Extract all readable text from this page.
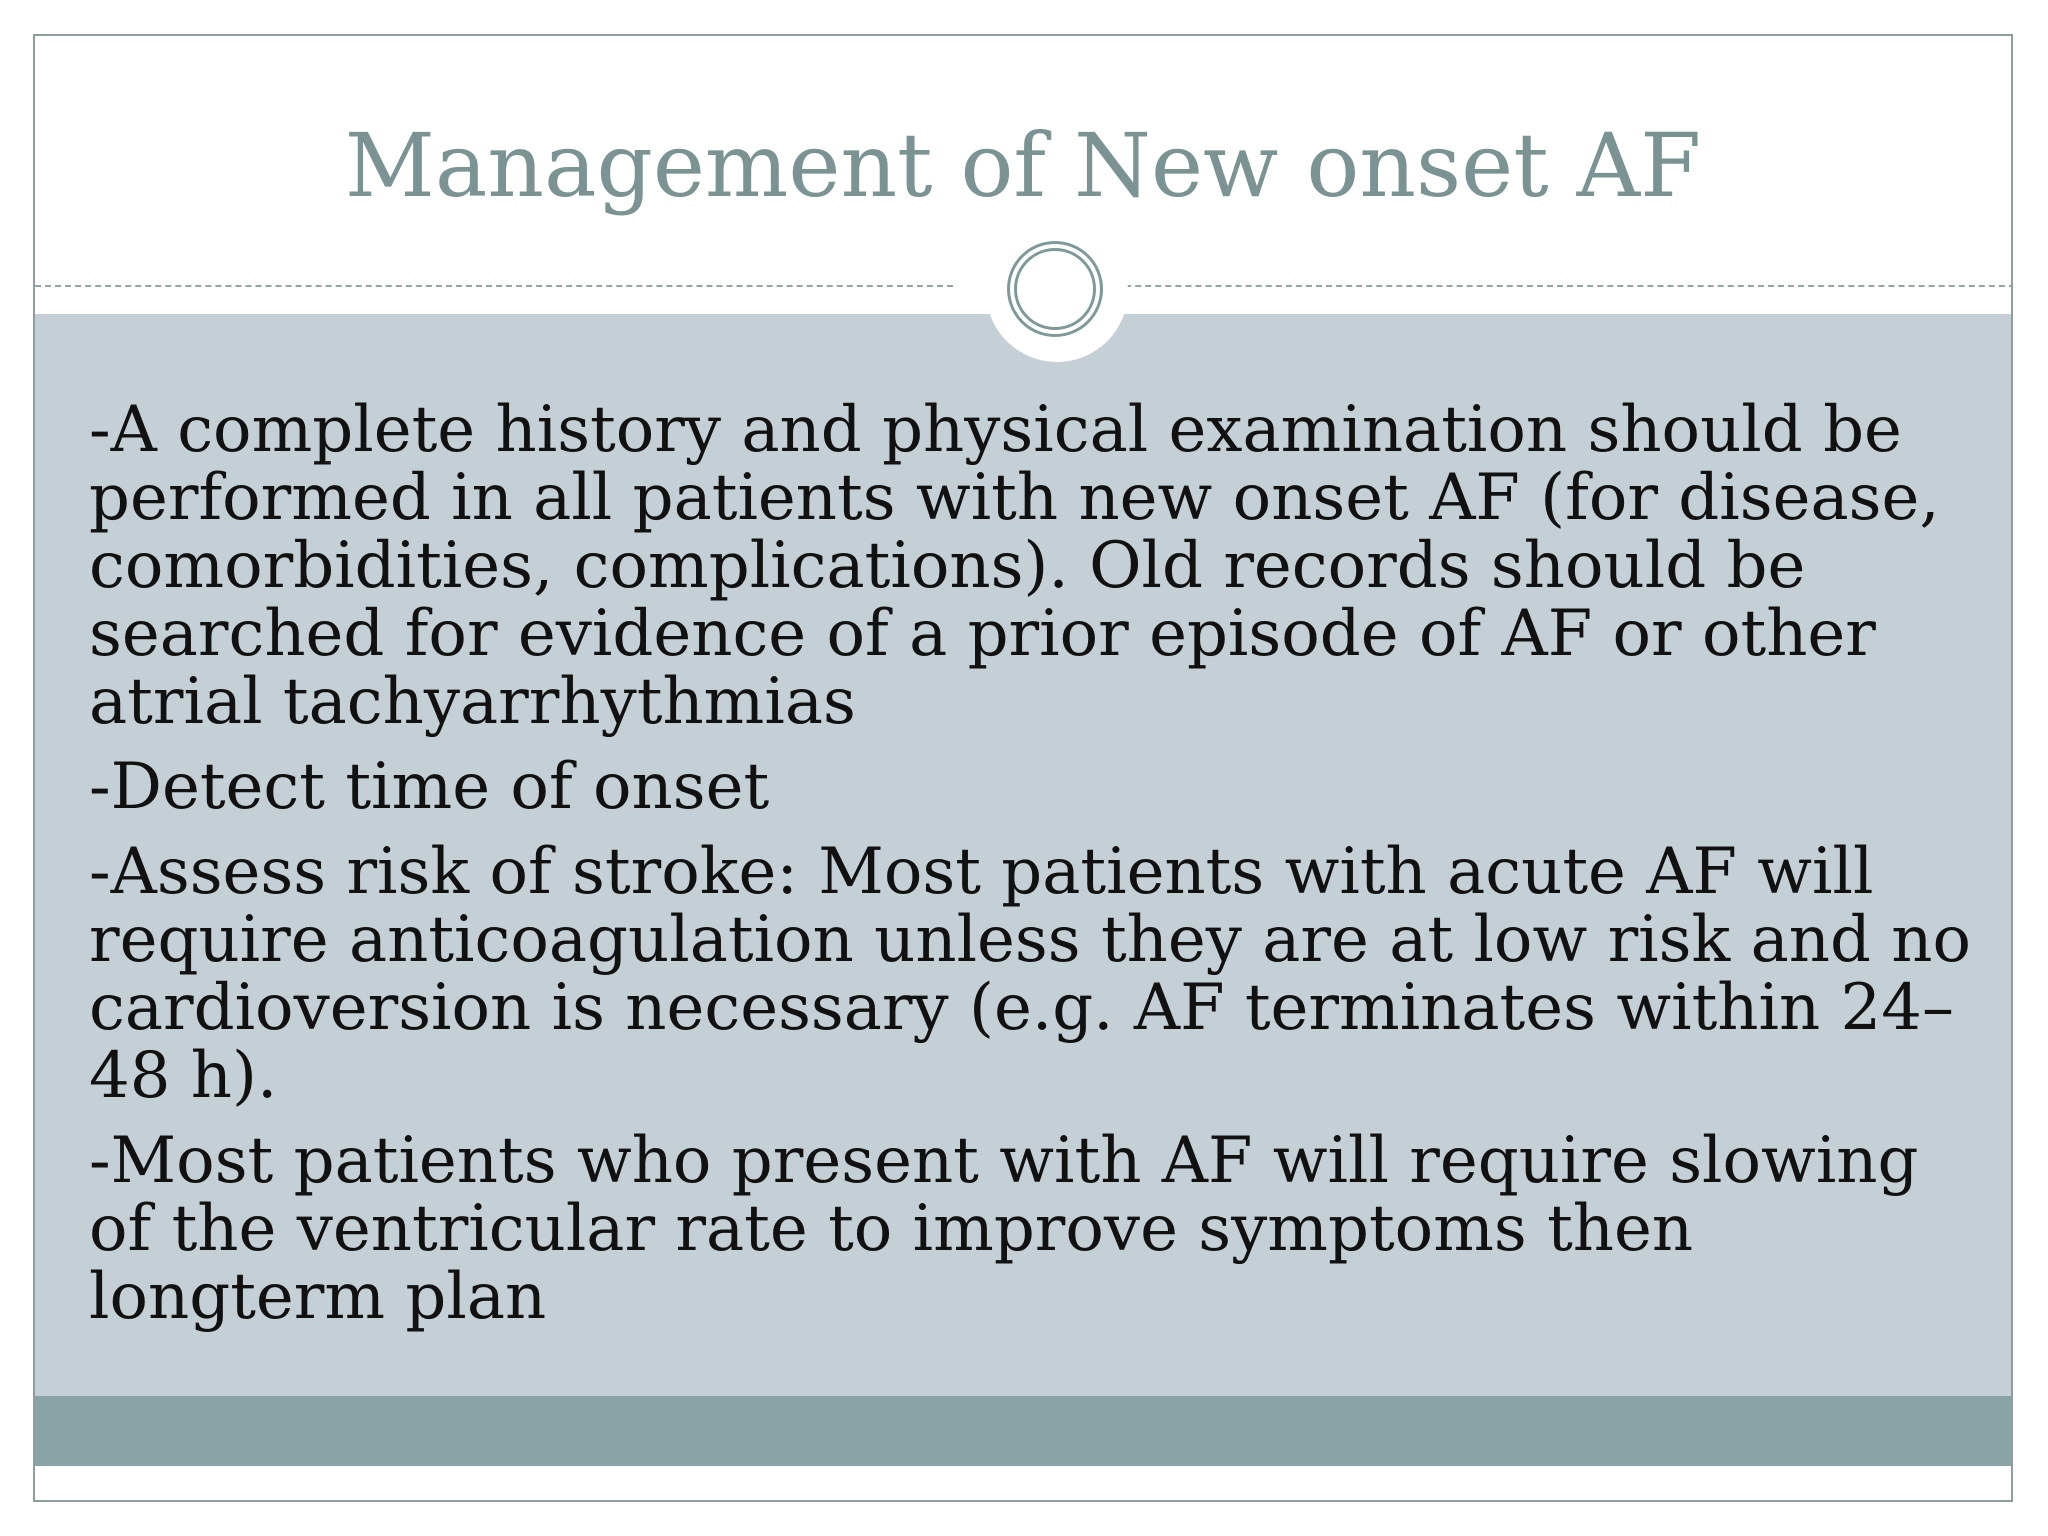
Management of New onset AF

-A complete history and physical examination should be performed in all patients with new onset AF (for disease, comorbidities, complications). Old records should be searched for evidence of a prior episode of AF or other atrial tachyarrhythmias

-Detect time of onset

-Assess risk of stroke: Most patients with acute AF will require anticoagulation unless they are at low risk and no cardioversion is necessary (e.g. AF terminates within 24–48 h).

-Most patients who present with AF will require slowing of the ventricular rate to improve symptoms then longterm plan
